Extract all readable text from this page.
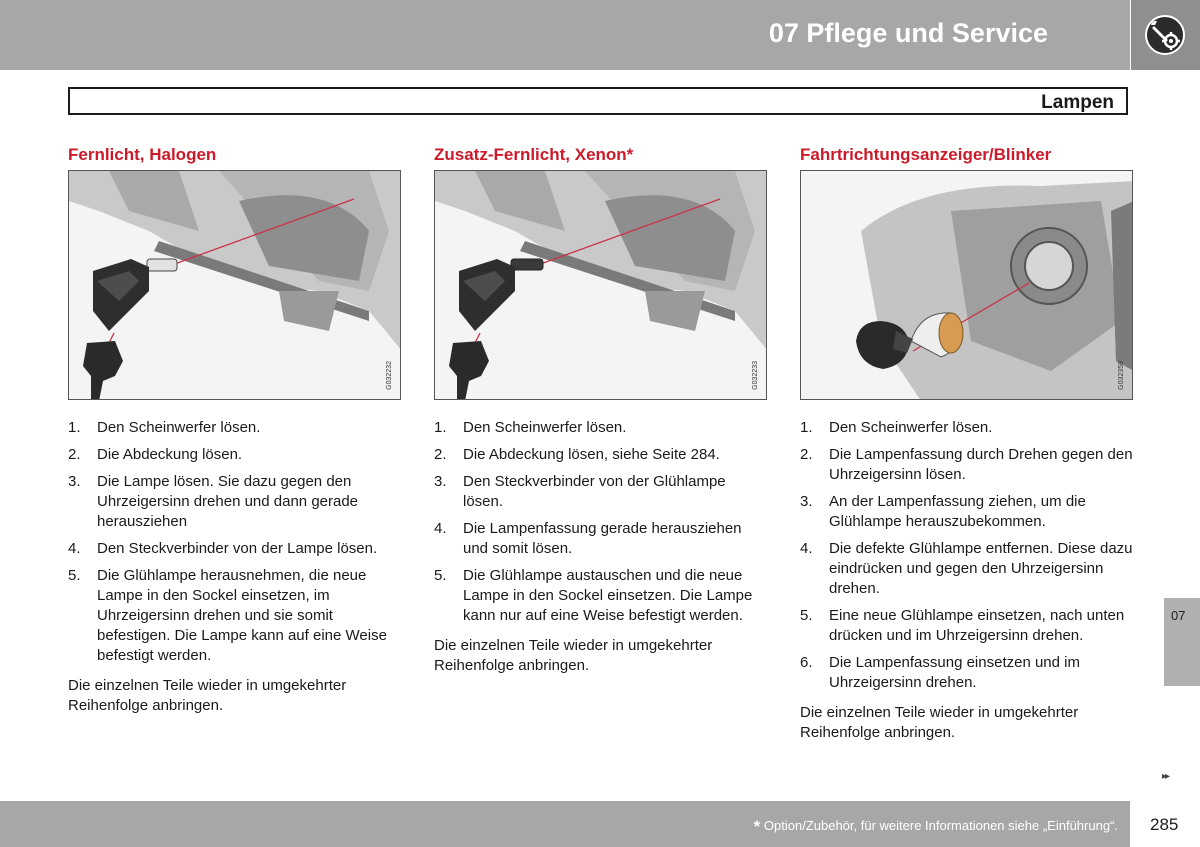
07 Pflege und Service
Lampen
Fernlicht, Halogen
G032232
1. Den Scheinwerfer lösen.
2. Die Abdeckung lösen.
3. Die Lampe lösen. Sie dazu gegen den Uhrzeigersinn drehen und dann gerade herausziehen
4. Den Steckverbinder von der Lampe lösen.
5. Die Glühlampe herausnehmen, die neue Lampe in den Sockel einsetzen, im Uhrzeigersinn drehen und sie somit befestigen. Die Lampe kann auf eine Weise befestigt werden.

Die einzelnen Teile wieder in umgekehrter Reihenfolge anbringen.

Zusatz-Fernlicht, Xenon*
G032233
1. Den Scheinwerfer lösen.
2. Die Abdeckung lösen, siehe Seite 284.
3. Den Steckverbinder von der Glühlampe lösen.
4. Die Lampenfassung gerade herausziehen und somit lösen.
5. Die Glühlampe austauschen und die neue Lampe in den Sockel einsetzen. Die Lampe kann nur auf eine Weise befestigt werden.

Die einzelnen Teile wieder in umgekehrter Reihenfolge anbringen.

Fahrtrichtungsanzeiger/Blinker
G032358
1. Den Scheinwerfer lösen.
2. Die Lampenfassung durch Drehen gegen den Uhrzeigersinn lösen.
3. An der Lampenfassung ziehen, um die Glühlampe herauszubekommen.
4. Die defekte Glühlampe entfernen. Diese dazu eindrücken und gegen den Uhrzeigersinn drehen.
5. Eine neue Glühlampe einsetzen, nach unten drücken und im Uhrzeigersinn drehen.
6. Die Lampenfassung einsetzen und im Uhrzeigersinn drehen.

Die einzelnen Teile wieder in umgekehrter Reihenfolge anbringen.

07
▸▸
* Option/Zubehör, für weitere Informationen siehe „Einführung“. 285
